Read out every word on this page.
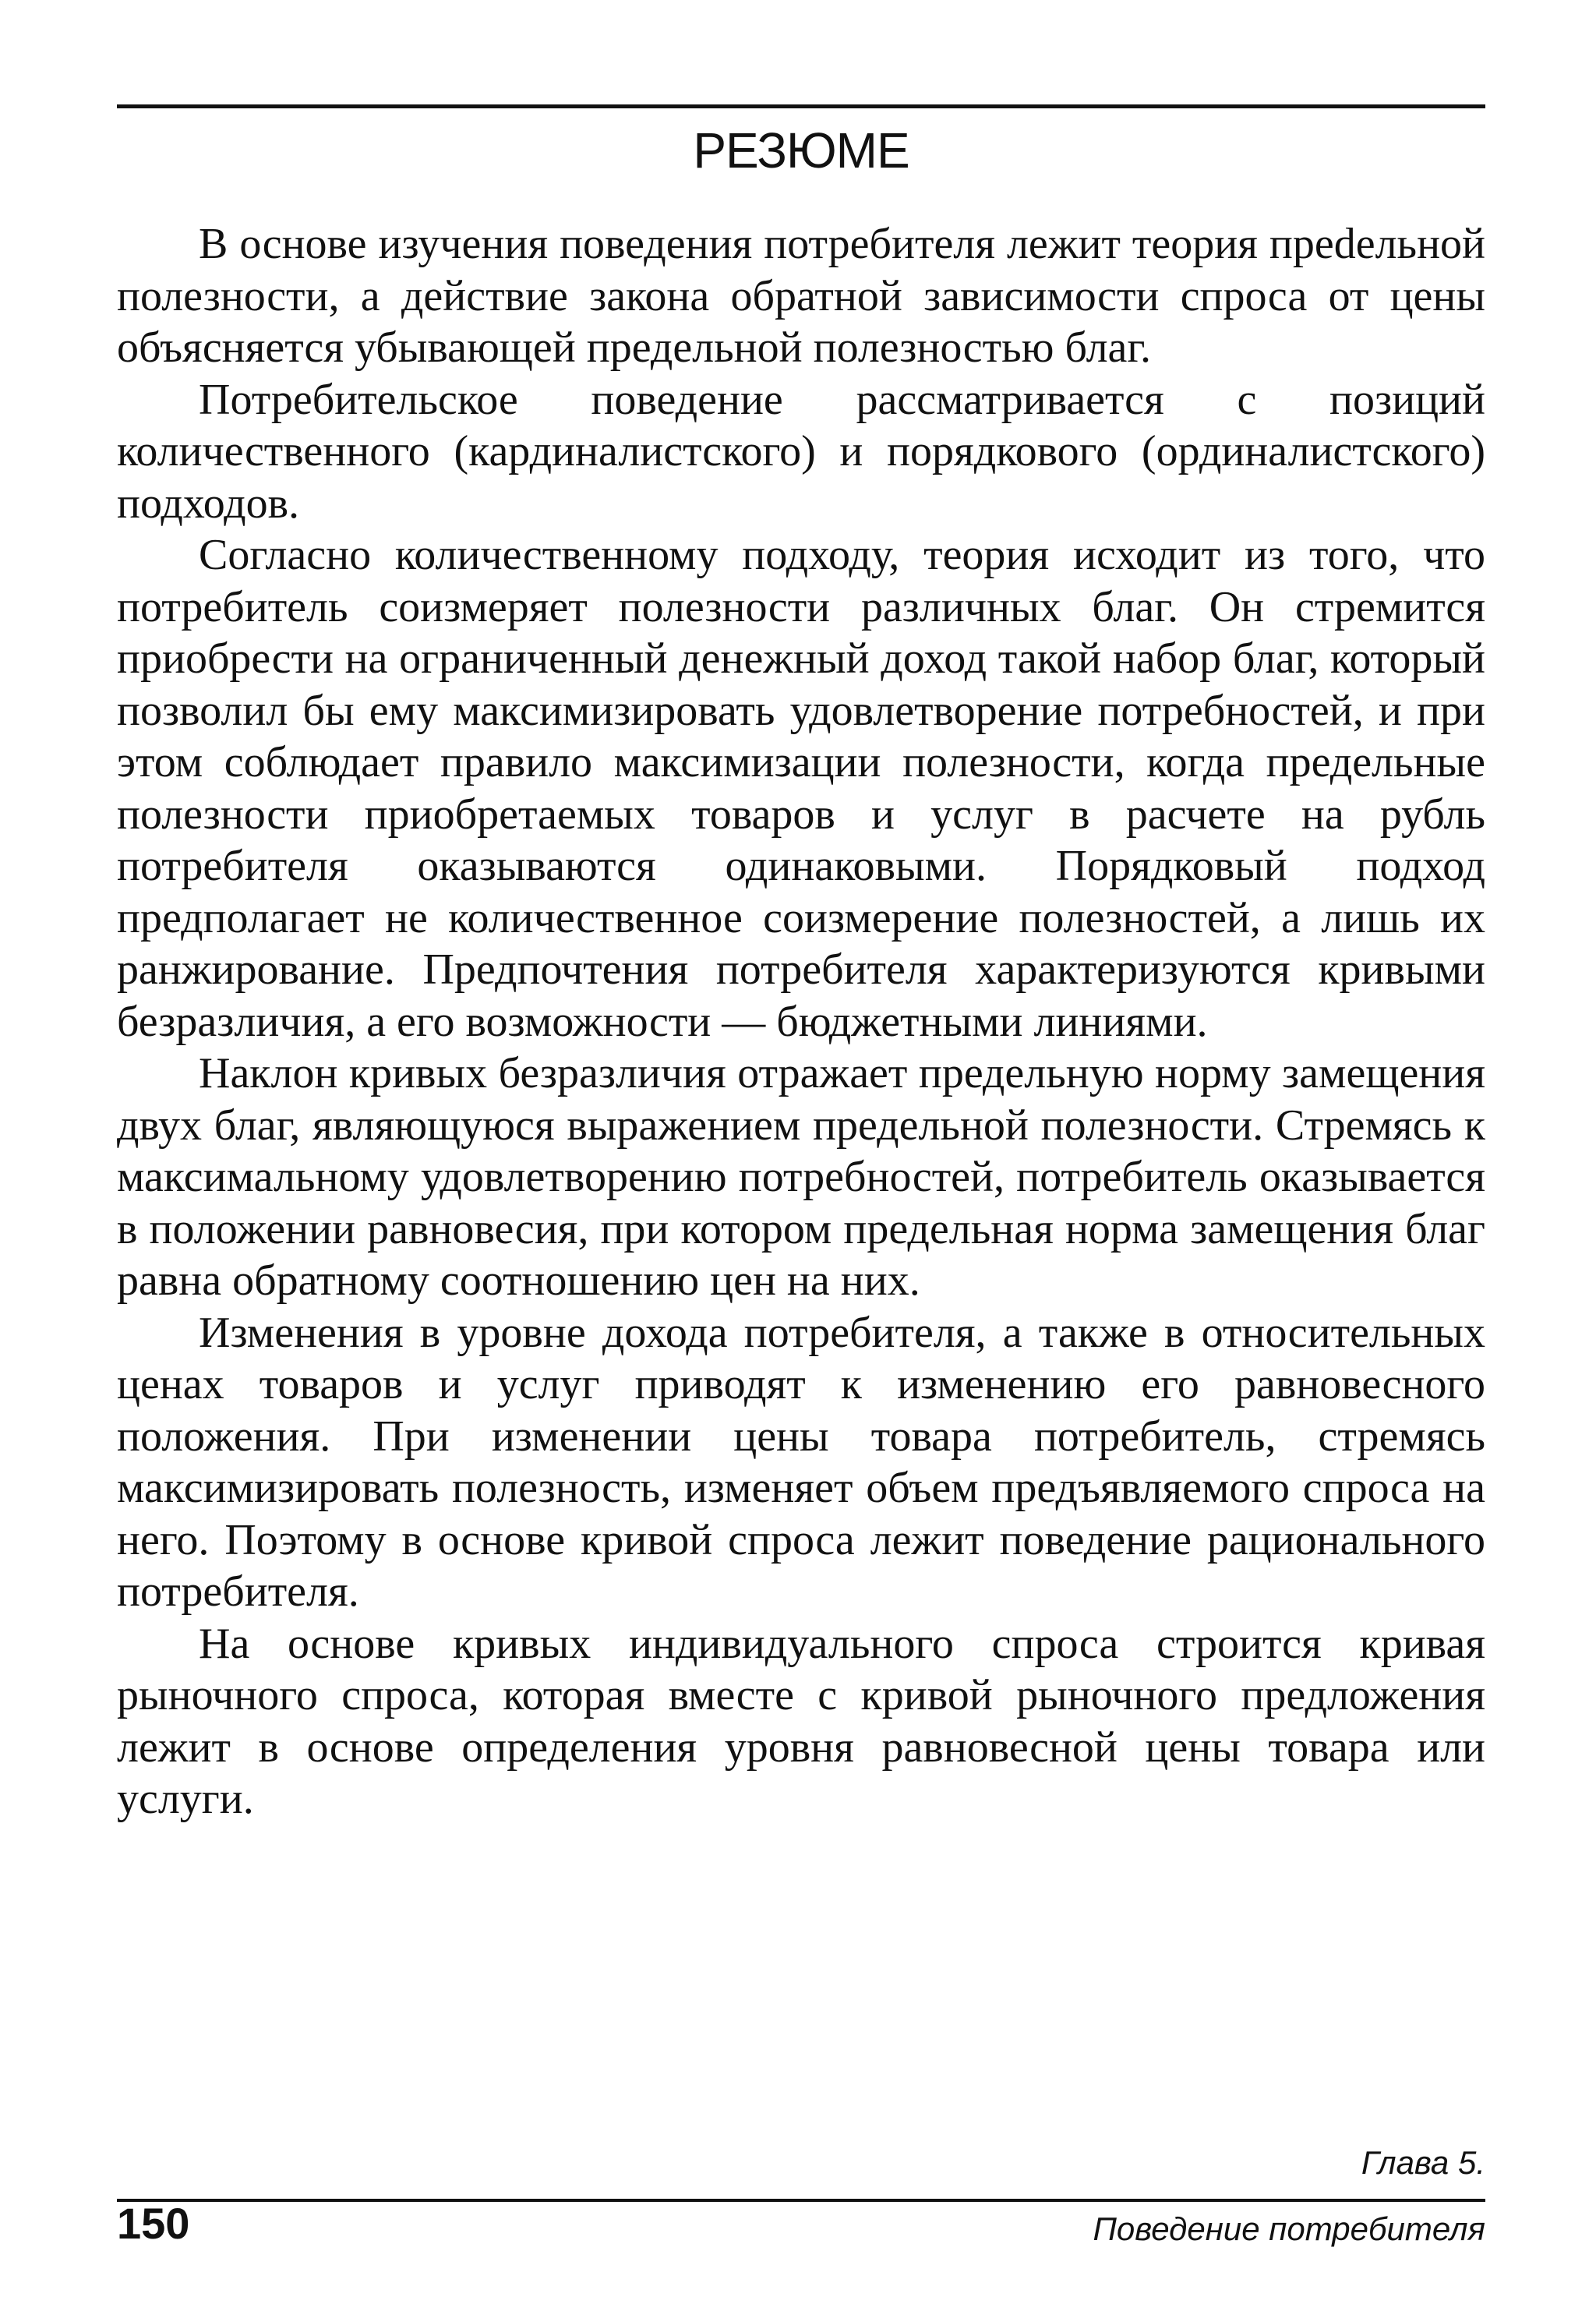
РЕЗЮМЕ

В основе изучения поведения потребителя лежит теория преdельной полезности, а действие закона обратной зависимости спроса от цены объясняется убывающей предельной полезностью благ.

Потребительское поведение рассматривается с позиций количественного (кардиналистского) и порядкового (ординалистского) подходов.

Согласно количественному подходу, теория исходит из того, что потребитель соизмеряет полезности различных благ. Он стремится приобрести на ограниченный денежный доход такой набор благ, который позволил бы ему максимизировать удовлетворение потребностей, и при этом соблюдает правило максимизации полезности, когда предельные полезности приобретаемых товаров и услуг в расчете на рубль потребителя оказываются одинаковыми. Порядковый подход предполагает не количественное соизмерение полезностей, а лишь их ранжирование. Предпочтения потребителя характеризуются кривыми безразличия, а его возможности — бюджетными линиями.

Наклон кривых безразличия отражает предельную норму замещения двух благ, являющуюся выражением предельной полезности. Стремясь к максимальному удовлетворению потребностей, потребитель оказывается в положении равновесия, при котором предельная норма замещения благ равна обратному соотношению цен на них.

Изменения в уровне дохода потребителя, а также в относительных ценах товаров и услуг приводят к изменению его равновесного положения. При изменении цены товара потребитель, стремясь максимизировать полезность, изменяет объем предъявляемого спроса на него. Поэтому в основе кривой спроса лежит поведение рационального потребителя.

На основе кривых индивидуального спроса строится кривая рыночного спроса, которая вместе с кривой рыночного предложения лежит в основе определения уровня равновесной цены товара или услуги.

Глава 5.
150	Поведение потребителя
